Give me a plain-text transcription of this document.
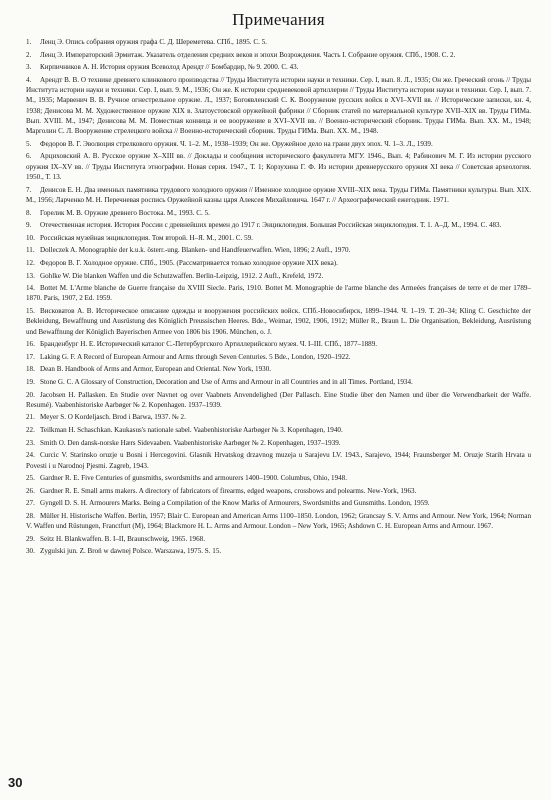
Примечания

1. Ленц Э. Опись собрания оружия графа С. Д. Шереметева. СПб., 1895. С. 5.

2. Ленц Э. Императорский Эрмитаж. Указатель отделения средних веков и эпохи Возрождения. Часть I. Собрание оружия. СПб., 1908. С. 2.

3. Кирпичников А. Н. История оружия Всеволод Арендт // Бомбардир, № 9. 2000. С. 43.

4. Арендт В. В. О технике древнего клинкового производства // Труды Института истории науки и техники. Сер. I, вып. 8. Л., 1935; Он же. Греческий огонь // Труды Института истории науки и техники. Сер. I, вып. 9. М., 1936; Он же. К истории средневековой артиллерии // Труды Института истории науки и техники. Сер. I, вып. 7. М., 1935; Марвенич В. В. Ручное огнестрельное оружие. Л., 1937; Богоявленский С. К. Вооружение русских войск в XVI–XVII вв. // Исторические записки, кн. 4, 1938; Денисова М. М. Художественное оружие XIX в. Златоустовской оружейной фабрики // Сборник статей по материальной культуре XVII–XIX вв. Труды ГИМа. Вып. XVIII. М., 1947; Денисова М. М. Поместная конница и ее вооружение в XVI–XVII вв. // Военно-исторический сборник. Труды ГИМа. Вып. XX. М., 1948; Марголин С. Л. Вооружение стрелецкого войска // Военно-исторический сборник. Труды ГИМа. Вып. XX. М., 1948.

5. Федоров В. Г. Эволюция стрелкового оружия. Ч. 1–2. М., 1938–1939; Он же. Оружейное дело на грани двух эпох. Ч. 1–3. Л., 1939.

6. Арциховский А. В. Русское оружие X–XIII вв. // Доклады и сообщения исторического факультета МГУ. 1946., Вып. 4; Рабинович М. Г. Из истории русского оружия IX–XV вв. // Труды Института этнографии. Новая серия. 1947., Т. 1; Корзухина Г. Ф. Из истории древнерусского оружия XI века // Советская археология. 1950., Т. 13.

7. Денисов Е. Н. Два именных памятника трудового холодного оружия // Именное холодное оружие XVIII–XIX века. Труды ГИМа. Памятники культуры. Вып. XIX. М., 1956; Ларченко М. Н. Перечневая роспись Оружейной казны царя Алексея Михайловича. 1647 г. // Археографический ежегодник. 1971.

8. Горелик М. В. Оружие древнего Востока. М., 1993. С. 5.

9. Отечественная история. История России с древнейших времен до 1917 г. Энциклопедия. Большая Российская энциклопедия. Т. 1. А–Д. М., 1994. С. 483.

10. Российская музейная энциклопедия. Том второй. Н–Я. М., 2001. С. 59.

11. Dolleczek A. Monographie der k.u.k. österr.-ung. Blanken- und Handfeuerwaffen. Wien, 1896; 2 Aufl., 1970.

12. Федоров В. Г. Холодное оружие. СПб., 1905. (Рассматривается только холодное оружие XIX века).

13. Gohlke W. Die blanken Waffen und die Schutzwaffen. Berlin-Leipzig, 1912. 2 Aufl., Krefeld, 1972.

14. Bottet M. L'Arme blanche de Guerre française du XVIII Siecle. Paris, 1910. Bottet M. Monographie de l'arme blanche des Armeées françaises de terre et de mer 1789–1870. Paris, 1907, 2 Ed. 1959.

15. Висковатов А. В. Историческое описание одежды и вооружения российских войск. СПб.-Новосибирск, 1899–1944. Ч. 1–19. Т. 20–34; Kling C. Geschichte der Bekleidung, Bewaffnung und Ausrüstung des Königlich Preussischen Heeres. Bde., Weimar, 1902, 1906, 1912; Müller R., Braun L. Die Organisation, Bekleidung, Ausrüstung und Bewaffnung der Königlich Bayerischen Armee von 1806 bis 1906. München, o. J.

16. Бранденбург Н. Е. Исторический каталог С.-Петербургского Артиллерийского музея. Ч. I–III. СПб., 1877–1889.

17. Laking G. F. A Record of European Armour and Arms through Seven Centuries. 5 Bde., London, 1920–1922.

18. Dean B. Handbook of Arms and Armor, European and Oriental. New York, 1930.

19. Stone G. C. A Glossary of Construction, Decoration and Use of Arms and Armour in all Countries and in all Times. Portland, 1934.

20. Jacobsen H. Pallasken. En Studie over Navnet og over Vaabnets Anvendelighed (Der Pallasch. Eine Studie über den Namen und über die Verwendbarkeit der Waffe. Resumé). Vaabenhistoriske Aarbøger № 2. Kopenhagen. 1937–1939.

21. Meyer S. O Kordeljasch. Brod i Barwa, 1937. № 2.

22. Teilkman H. Schaschkan. Kaukasus's nationale sabel. Vaabenhistoriske Aarbøger № 3. Kopenhagen, 1940.

23. Smith O. Den dansk-norske Hærs Sidevaaben. Vaabenhistoriske Aarbøger № 2. Kopenhagen, 1937–1939.

24. Curcic V. Starinsko oruzje u Bosni i Hercegovini. Glasnik Hrvatskog drzavnog muzeja u Sarajevu LV. 1943., Sarajevo, 1944; Fraunsberger M. Oruzje Starih Hrvata u Povesti i u Narodnoj Pjesmi. Zagreb, 1943.

25. Gardner R. E. Five Centuries of gunsmiths, swordsmiths and armourers 1400–1900. Columbus, Ohio, 1948.

26. Gardner R. E. Small arms makers. A directory of fabricators of firearms, edged weapons, crossbows and polearms. New-York, 1963.

27. Gyngell D. S. H. Armourers Marks. Being a Compilation of the Know Marks of Armourers, Swordsmiths and Gunsmiths. London, 1959.

28. Müller H. Historische Waffen. Berlin, 1957; Blair C. European and American Arms 1100–1850. London, 1962; Grancsay S. V. Arms and Armour. New York, 1964; Norman V. Waffen und Rüstungen, Franctfurt (M), 1964; Blackmore H. L. Arms and Armour. London – New York, 1965; Ashdown C. H. European Arms and Armour. 1967.

29. Seitz H. Blankwaffen. В. I–II, Braunschweig, 1965. 1968.

30. Zygulski jun. Z. Broń w dawnej Polsce. Warszawa, 1975. S. 15.

30
